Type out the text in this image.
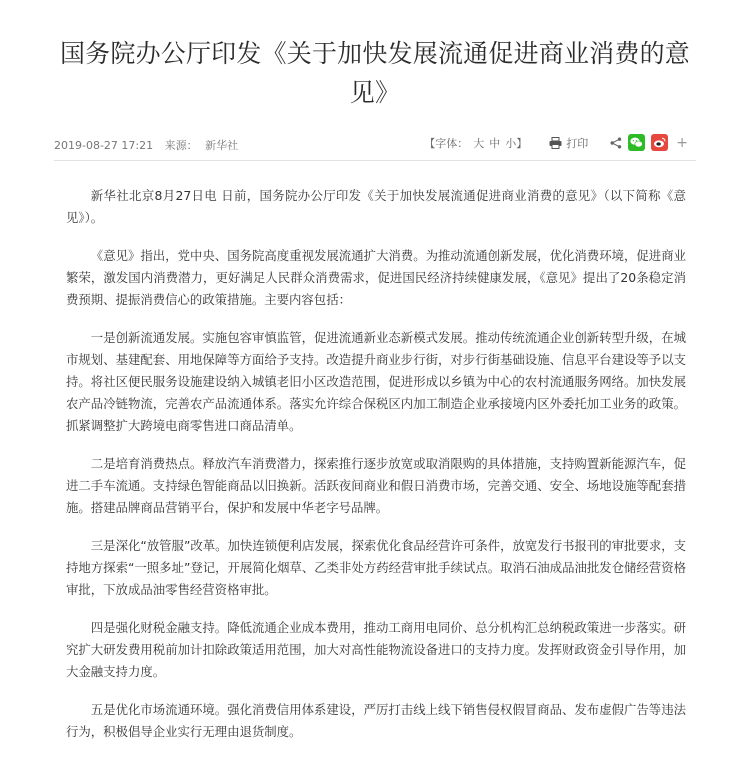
国务院办公厅印发《关于加快发展流通促进商业消费的意见》
2019-08-27 17:21 来源： 新华社	【字体： 大 中 小 】	打印	+

新华社北京8月27日电 日前，国务院办公厅印发《关于加快发展流通促进商业消费的意见》（以下简称《意见》）。

《意见》指出，党中央、国务院高度重视发展流通扩大消费。为推动流通创新发展，优化消费环境，促进商业繁荣，激发国内消费潜力，更好满足人民群众消费需求，促进国民经济持续健康发展，《意见》提出了20条稳定消费预期、提振消费信心的政策措施。主要内容包括：

一是创新流通发展。实施包容审慎监管，促进流通新业态新模式发展。推动传统流通企业创新转型升级，在城市规划、基建配套、用地保障等方面给予支持。改造提升商业步行街，对步行街基础设施、信息平台建设等予以支持。将社区便民服务设施建设纳入城镇老旧小区改造范围，促进形成以乡镇为中心的农村流通服务网络。加快发展农产品冷链物流，完善农产品流通体系。落实允许综合保税区内加工制造企业承接境内区外委托加工业务的政策。抓紧调整扩大跨境电商零售进口商品清单。

二是培育消费热点。释放汽车消费潜力，探索推行逐步放宽或取消限购的具体措施，支持购置新能源汽车，促进二手车流通。支持绿色智能商品以旧换新。活跃夜间商业和假日消费市场，完善交通、安全、场地设施等配套措施。搭建品牌商品营销平台，保护和发展中华老字号品牌。

三是深化“放管服”改革。加快连锁便利店发展，探索优化食品经营许可条件，放宽发行书报刊的审批要求，支持地方探索“一照多址”登记，开展简化烟草、乙类非处方药经营审批手续试点。取消石油成品油批发仓储经营资格审批，下放成品油零售经营资格审批。

四是强化财税金融支持。降低流通企业成本费用，推动工商用电同价、总分机构汇总纳税政策进一步落实。研究扩大研发费用税前加计扣除政策适用范围，加大对高性能物流设备进口的支持力度。发挥财政资金引导作用，加大金融支持力度。

五是优化市场流通环境。强化消费信用体系建设，严厉打击线上线下销售侵权假冒商品、发布虚假广告等违法行为，积极倡导企业实行无理由退货制度。
